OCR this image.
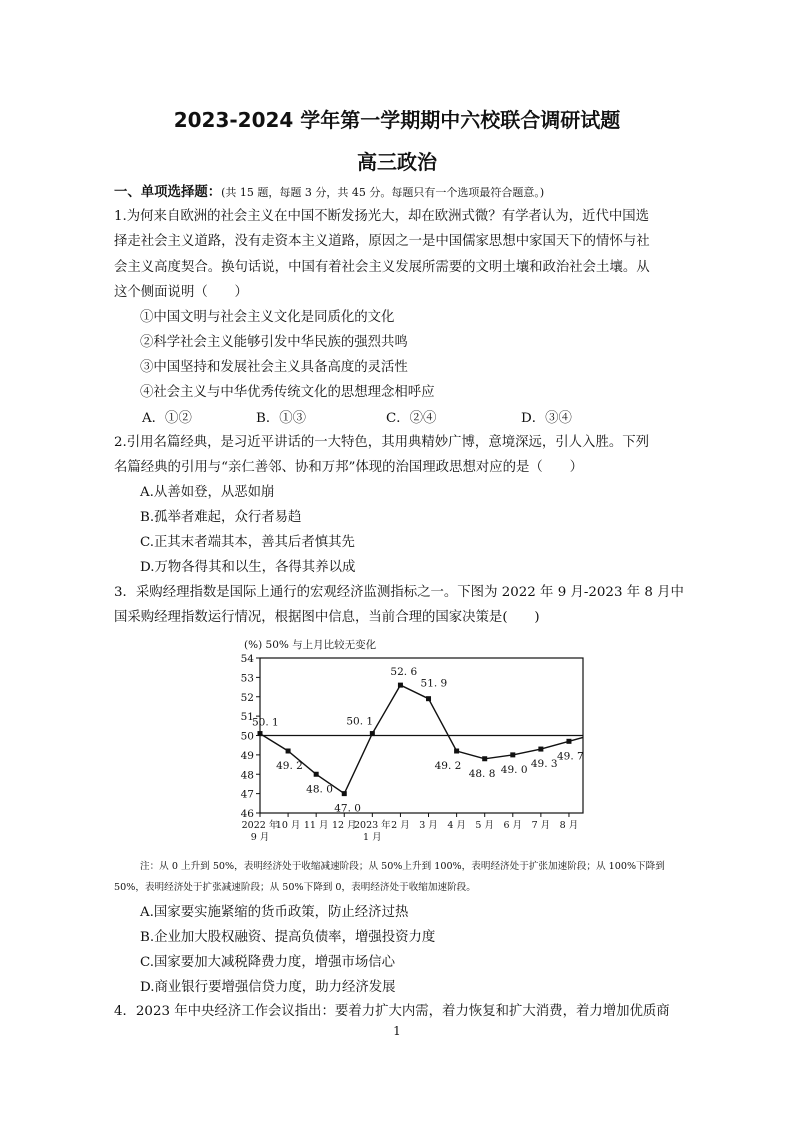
2023-2024 学年第一学期期中六校联合调研试题
高三政治
一、单项选择题：(共 15 题，每题 3 分，共 45 分。每题只有一个选项最符合题意。)
1.为何来自欧洲的社会主义在中国不断发扬光大，却在欧洲式微？有学者认为，近代中国选
择走社会主义道路，没有走资本主义道路，原因之一是中国儒家思想中家国天下的情怀与社
会主义高度契合。换句话说，中国有着社会主义发展所需要的文明土壤和政治社会土壤。从
这个侧面说明（　　）
①中国文明与社会主义文化是同质化的文化
②科学社会主义能够引发中华民族的强烈共鸣
③中国坚持和发展社会主义具备高度的灵活性
④社会主义与中华优秀传统文化的思想理念相呼应
A．①②	B．①③	C．②④	D．③④
2.引用名篇经典，是习近平讲话的一大特色，其用典精妙广博，意境深远，引人入胜。下列
名篇经典的引用与“亲仁善邻、协和万邦”体现的治国理政思想对应的是（　　）
A.从善如登，从恶如崩
B.孤举者难起，众行者易趋
C.正其末者端其本，善其后者慎其先
D.万物各得其和以生，各得其养以成
3．采购经理指数是国际上通行的宏观经济监测指标之一。下图为 2022 年 9 月-2023 年 8 月中
国采购经理指数运行情况，根据图中信息，当前合理的国家决策是(　　)
(%) 50% 与上月比较无变化
46
47
48
49
50
51
52
53
54
50. 1
49. 2
48. 0
47. 0
50. 1
52. 6
51. 9
49. 2
48. 8 49. 0 49. 3
49. 7
2022 年
9 月
10 月 11 月 12 月
2023 年
1 月
2 月 3 月 4 月 5 月 6 月 7 月 8 月
注：从 0 上升到 50%，表明经济处于收缩减速阶段；从 50%上升到 100%，表明经济处于扩张加速阶段；从 100%下降到
50%，表明经济处于扩张减速阶段；从 50%下降到 0，表明经济处于收缩加速阶段。
A.国家要实施紧缩的货币政策，防止经济过热
B.企业加大股权融资、提高负债率，增强投资力度
C.国家要加大减税降费力度，增强市场信心
D.商业银行要增强信贷力度，助力经济发展
4．2023 年中央经济工作会议指出：要着力扩大内需，着力恢复和扩大消费，着力增加优质商
1
